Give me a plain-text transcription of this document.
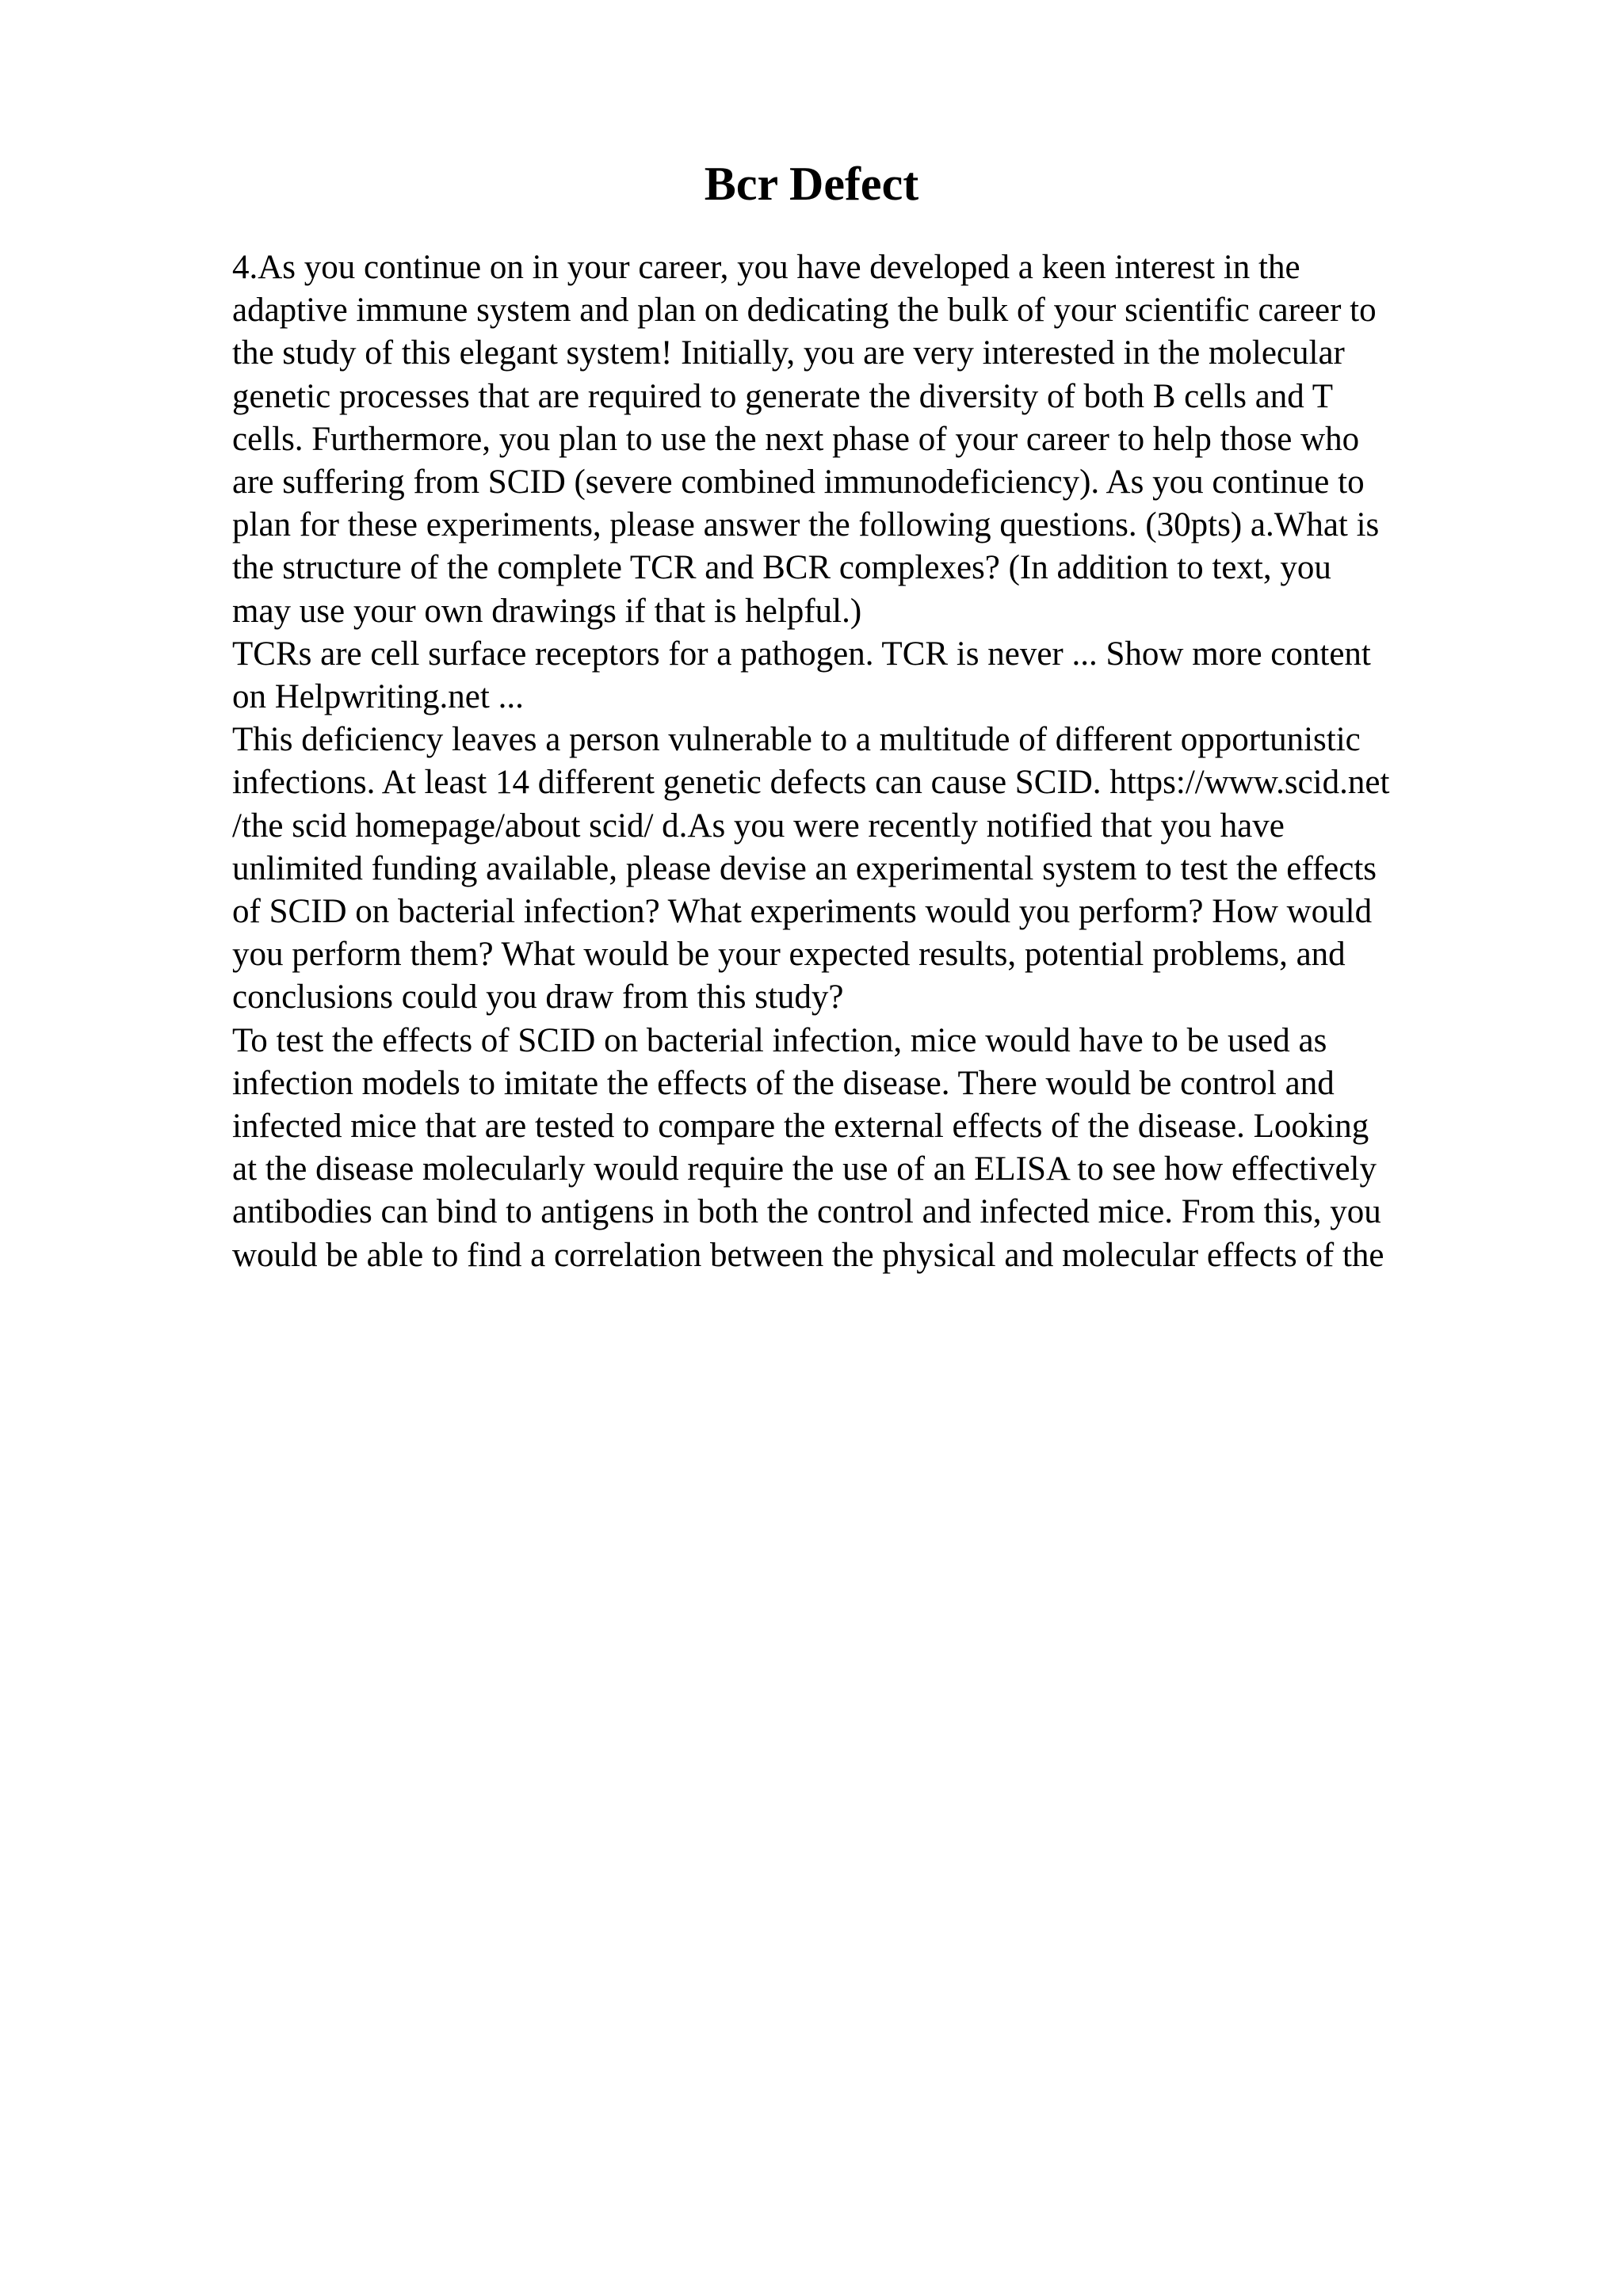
Bcr Defect
4.As you continue on in your career, you have developed a keen interest in the
adaptive immune system and plan on dedicating the bulk of your scientific career to
the study of this elegant system! Initially, you are very interested in the molecular
genetic processes that are required to generate the diversity of both B cells and T
cells. Furthermore, you plan to use the next phase of your career to help those who
are suffering from SCID (severe combined immunodeficiency). As you continue to
plan for these experiments, please answer the following questions. (30pts) a.What is
the structure of the complete TCR and BCR complexes? (In addition to text, you
may use your own drawings if that is helpful.)
TCRs are cell surface receptors for a pathogen. TCR is never ... Show more content
on Helpwriting.net ...
This deficiency leaves a person vulnerable to a multitude of different opportunistic
infections. At least 14 different genetic defects can cause SCID. https://www.scid.net
/the scid homepage/about scid/ d.As you were recently notified that you have
unlimited funding available, please devise an experimental system to test the effects
of SCID on bacterial infection? What experiments would you perform? How would
you perform them? What would be your expected results, potential problems, and
conclusions could you draw from this study?
To test the effects of SCID on bacterial infection, mice would have to be used as
infection models to imitate the effects of the disease. There would be control and
infected mice that are tested to compare the external effects of the disease. Looking
at the disease molecularly would require the use of an ELISA to see how effectively
antibodies can bind to antigens in both the control and infected mice. From this, you
would be able to find a correlation between the physical and molecular effects of the
